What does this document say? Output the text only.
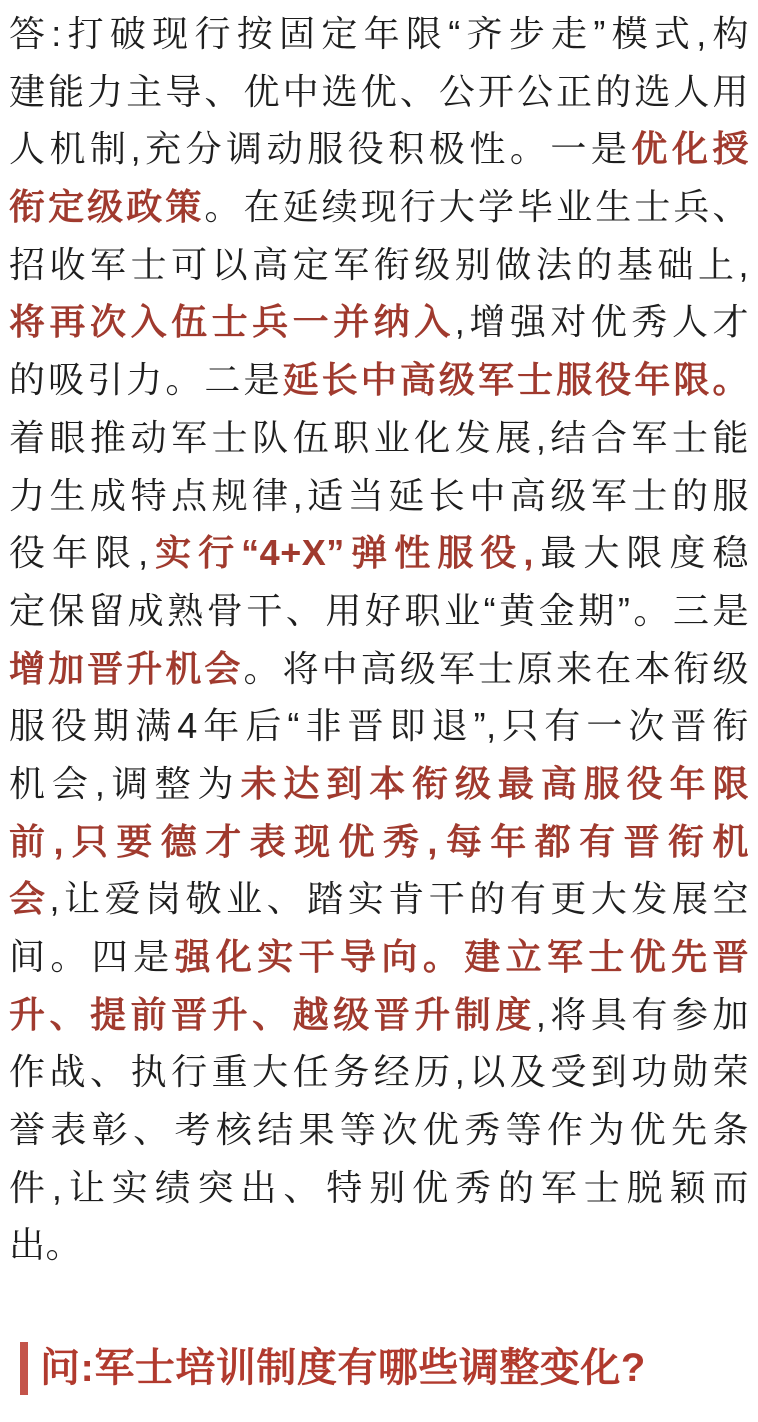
答:打破现行按固定年限“齐步走”模式,构
建能力主导、优中选优、公开公正的选人用
人机制,充分调动服役积极性。一是优化授
衔定级政策。在延续现行大学毕业生士兵、
招收军士可以高定军衔级别做法的基础上,
将再次入伍士兵一并纳入,增强对优秀人才
的吸引力。二是延长中高级军士服役年限。
着眼推动军士队伍职业化发展,结合军士能
力生成特点规律,适当延长中高级军士的服
役年限,实行“4+X”弹性服役,最大限度稳
定保留成熟骨干、用好职业“黄金期”。三是
增加晋升机会。将中高级军士原来在本衔级
服役期满4年后“非晋即退”,只有一次晋衔
机会,调整为未达到本衔级最高服役年限
前,只要德才表现优秀,每年都有晋衔机
会,让爱岗敬业、踏实肯干的有更大发展空
间。四是强化实干导向。建立军士优先晋
升、提前晋升、越级晋升制度,将具有参加
作战、执行重大任务经历,以及受到功勋荣
誉表彰、考核结果等次优秀等作为优先条
件,让实绩突出、特别优秀的军士脱颖而
出。
问:军士培训制度有哪些调整变化?
